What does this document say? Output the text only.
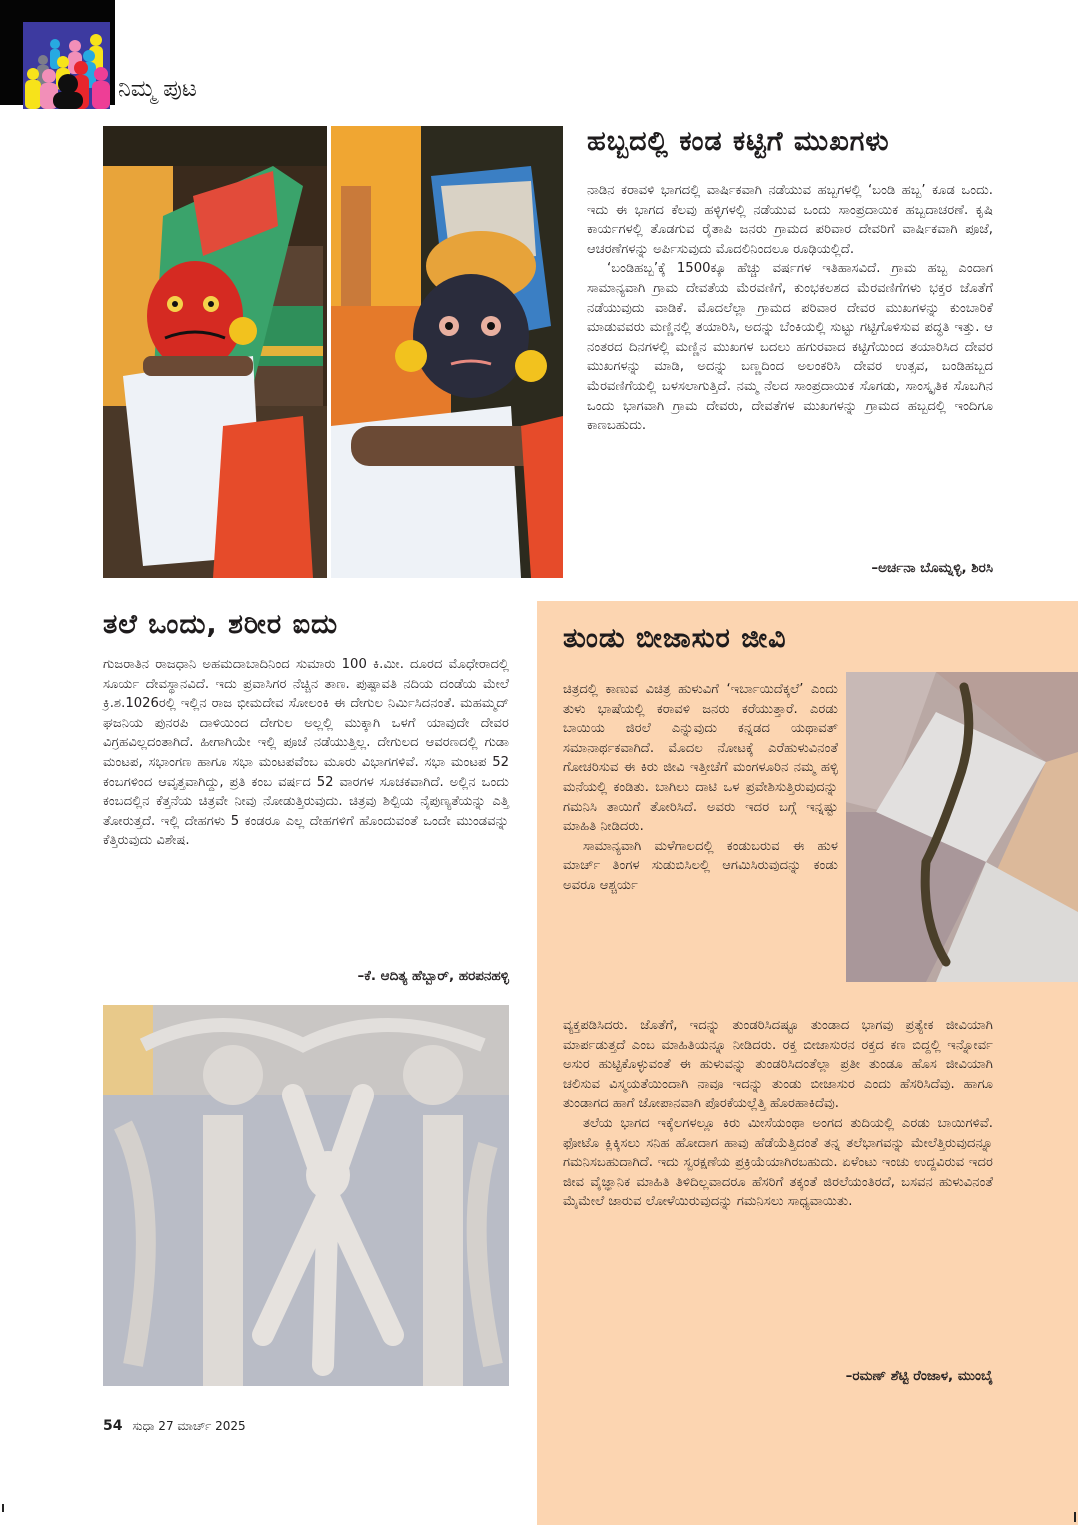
ನಿಮ್ಮ ಪುಟ
ಹಬ್ಬದಲ್ಲಿ ಕಂಡ ಕಟ್ಟಿಗೆ ಮುಖಗಳು

ನಾಡಿನ ಕರಾವಳಿ ಭಾಗದಲ್ಲಿ ವಾರ್ಷಿಕವಾಗಿ ನಡೆಯುವ ಹಬ್ಬಗಳಲ್ಲಿ ‘ಬಂಡಿ ಹಬ್ಬ’ ಕೂಡ ಒಂದು. ಇದು ಈ ಭಾಗದ ಕೆಲವು ಹಳ್ಳಿಗಳಲ್ಲಿ ನಡೆಯುವ ಒಂದು ಸಾಂಪ್ರದಾಯಿಕ ಹಬ್ಬದಾಚರಣೆ. ಕೃಷಿ ಕಾರ್ಯಗಳಲ್ಲಿ ತೊಡಗುವ ರೈತಾಪಿ ಜನರು ಗ್ರಾಮದ ಪರಿವಾರ ದೇವರಿಗೆ ವಾರ್ಷಿಕವಾಗಿ ಪೂಜೆ, ಆಚರಣೆಗಳನ್ನು ಅರ್ಪಿಸುವುದು ಮೊದಲಿನಿಂದಲೂ ರೂಢಿಯಲ್ಲಿದೆ.

‘ಬಂಡಿಹಬ್ಬ’ಕ್ಕೆ 1500ಕ್ಕೂ ಹೆಚ್ಚು ವರ್ಷಗಳ ಇತಿಹಾಸವಿದೆ. ಗ್ರಾಮ ಹಬ್ಬ ಎಂದಾಗ ಸಾಮಾನ್ಯವಾಗಿ ಗ್ರಾಮ ದೇವತೆಯ ಮೆರವಣಿಗೆ, ಕುಂಭಕಲಶದ ಮೆರವಣಿಗೆಗಳು ಭಕ್ತರ ಜೊತೆಗೆ ನಡೆಯುವುದು ವಾಡಿಕೆ. ಮೊದಲೆಲ್ಲಾ ಗ್ರಾಮದ ಪರಿವಾರ ದೇವರ ಮುಖಗಳನ್ನು ಕುಂಬಾರಿಕೆ ಮಾಡುವವರು ಮಣ್ಣಿನಲ್ಲಿ ತಯಾರಿಸಿ, ಅದನ್ನು ಬೆಂಕಿಯಲ್ಲಿ ಸುಟ್ಟು ಗಟ್ಟಿಗೊಳಿಸುವ ಪದ್ಧತಿ ಇತ್ತು. ಆ ನಂತರದ ದಿನಗಳಲ್ಲಿ ಮಣ್ಣಿನ ಮುಖಗಳ ಬದಲು ಹಗುರವಾದ ಕಟ್ಟಿಗೆಯಿಂದ ತಯಾರಿಸಿದ ದೇವರ ಮುಖಗಳನ್ನು ಮಾಡಿ, ಅದನ್ನು ಬಣ್ಣದಿಂದ ಅಲಂಕರಿಸಿ ದೇವರ ಉತ್ಸವ, ಬಂಡಿಹಬ್ಬದ ಮೆರವಣಿಗೆಯಲ್ಲಿ ಬಳಸಲಾಗುತ್ತಿದೆ. ನಮ್ಮ ನೆಲದ ಸಾಂಪ್ರದಾಯಿಕ ಸೊಗಡು, ಸಾಂಸ್ಕೃತಿಕ ಸೊಬಗಿನ ಒಂದು ಭಾಗವಾಗಿ ಗ್ರಾಮ ದೇವರು, ದೇವತೆಗಳ ಮುಖಗಳನ್ನು ಗ್ರಾಮದ ಹಬ್ಬದಲ್ಲಿ ಇಂದಿಗೂ ಕಾಣಬಹುದು.

–ಅರ್ಚನಾ ಬೊಮ್ನಳ್ಳಿ, ಶಿರಸಿ
ತಲೆ ಒಂದು, ಶರೀರ ಐದು

ಗುಜರಾತಿನ ರಾಜಧಾನಿ ಅಹಮದಾಬಾದಿನಿಂದ ಸುಮಾರು 100 ಕಿ.ಮೀ. ದೂರದ ಮೊಧೇರಾದಲ್ಲಿ ಸೂರ್ಯ ದೇವಸ್ಥಾನವಿದೆ. ಇದು ಪ್ರವಾಸಿಗರ ನೆಚ್ಚಿನ ತಾಣ. ಪುಷ್ಪಾವತಿ ನದಿಯ ದಂಡೆಯ ಮೇಲೆ ಕ್ರಿ.ಶ.1026ರಲ್ಲಿ ಇಲ್ಲಿನ ರಾಜ ಭೀಮದೇವ ಸೋಲಂಕಿ ಈ ದೇಗುಲ ನಿರ್ಮಿಸಿದನಂತೆ. ಮಹಮ್ಮದ್ ಘಜನಿಯ ಪುನರಪಿ ದಾಳಿಯಿಂದ ದೇಗುಲ ಅಲ್ಲಲ್ಲಿ ಮುಕ್ಕಾಗಿ ಒಳಗೆ ಯಾವುದೇ ದೇವರ ವಿಗ್ರಹವಿಲ್ಲದಂತಾಗಿದೆ. ಹೀಗಾಗಿಯೇ ಇಲ್ಲಿ ಪೂಜೆ ನಡೆಯುತ್ತಿಲ್ಲ. ದೇಗುಲದ ಆವರಣದಲ್ಲಿ ಗುಡಾ ಮಂಟಪ, ಸಭಾಂಗಣ ಹಾಗೂ ಸಭಾ ಮಂಟಪವೆಂಬ ಮೂರು ವಿಭಾಗಗಳಿವೆ. ಸಭಾ ಮಂಟಪ 52 ಕಂಬಗಳಿಂದ ಆವೃತ್ತವಾಗಿದ್ದು, ಪ್ರತಿ ಕಂಬ ವರ್ಷದ 52 ವಾರಗಳ ಸೂಚಕವಾಗಿದೆ. ಅಲ್ಲಿನ ಒಂದು ಕಂಬದಲ್ಲಿನ ಕೆತ್ತನೆಯ ಚಿತ್ರವೇ ನೀವು ನೋಡುತ್ತಿರುವುದು. ಚಿತ್ರವು ಶಿಲ್ಪಿಯ ನೈಪುಣ್ಯತೆಯನ್ನು ಎತ್ತಿ ತೋರುತ್ತದೆ. ಇಲ್ಲಿ ದೇಹಗಳು 5 ಕಂಡರೂ ಎಲ್ಲ ದೇಹಗಳಿಗೆ ಹೊಂದುವಂತೆ ಒಂದೇ ಮುಂಡವನ್ನು ಕೆತ್ತಿರುವುದು ವಿಶೇಷ.

–ಕೆ. ಆದಿತ್ಯ ಹೆಬ್ಬಾರ್, ಹರಪನಹಳ್ಳಿ
ತುಂಡು ಬೀಜಾಸುರ ಜೀವಿ

ಚಿತ್ರದಲ್ಲಿ ಕಾಣುವ ವಿಚಿತ್ರ ಹುಳುವಿಗೆ ‘ಇರ್ಬಾಯಿದೆಕ್ಕಲೆ’ ಎಂದು ತುಳು ಭಾಷೆಯಲ್ಲಿ ಕರಾವಳಿ ಜನರು ಕರೆಯುತ್ತಾರೆ. ಎರಡು ಬಾಯಿಯ ಜಿರಲೆ ಎನ್ನುವುದು ಕನ್ನಡದ ಯಥಾವತ್ ಸಮಾನಾರ್ಥಕವಾಗಿದೆ. ಮೊದಲ ನೋಟಕ್ಕೆ ಎರೆಹುಳುವಿನಂತೆ ಗೋಚರಿಸುವ ಈ ಕಿರು ಜೀವಿ ಇತ್ತೀಚೆಗೆ ಮಂಗಳೂರಿನ ನಮ್ಮ ಹಳ್ಳಿ ಮನೆಯಲ್ಲಿ ಕಂಡಿತು. ಬಾಗಿಲು ದಾಟಿ ಒಳ ಪ್ರವೇಶಿಸುತ್ತಿರುವುದನ್ನು ಗಮನಿಸಿ ತಾಯಿಗೆ ತೋರಿಸಿದೆ. ಅವರು ಇದರ ಬಗ್ಗೆ ಇನ್ನಷ್ಟು ಮಾಹಿತಿ ನೀಡಿದರು.

ಸಾಮಾನ್ಯವಾಗಿ ಮಳೆಗಾಲದಲ್ಲಿ ಕಂಡುಬರುವ ಈ ಹುಳ ಮಾರ್ಚ್ ತಿಂಗಳ ಸುಡುಬಿಸಿಲಲ್ಲಿ ಆಗಮಿಸಿರುವುದನ್ನು ಕಂಡು ಅವರೂ ಆಶ್ಚರ್ಯ

ವ್ಯಕ್ತಪಡಿಸಿದರು. ಜೊತೆಗೆ, ಇದನ್ನು ತುಂಡರಿಸಿದಷ್ಟೂ ತುಂಡಾದ ಭಾಗವು ಪ್ರತ್ಯೇಕ ಜೀವಿಯಾಗಿ ಮಾರ್ಪಡುತ್ತದೆ ಎಂಬ ಮಾಹಿತಿಯನ್ನೂ ನೀಡಿದರು. ರಕ್ತ ಬೀಜಾಸುರನ ರಕ್ತದ ಕಣ ಬಿದ್ದಲ್ಲಿ ಇನ್ನೋರ್ವ ಅಸುರ ಹುಟ್ಟಿಕೊಳ್ಳುವಂತೆ ಈ ಹುಳುವನ್ನು ತುಂಡರಿಸಿದಂತೆಲ್ಲಾ ಪ್ರತೀ ತುಂಡೂ ಹೊಸ ಜೀವಿಯಾಗಿ ಚಲಿಸುವ ವಿಸ್ಮಯತೆಯಿಂದಾಗಿ ನಾವೂ ಇದನ್ನು ತುಂಡು ಬೀಜಾಸುರ ಎಂದು ಹೆಸರಿಸಿದೆವು. ಹಾಗೂ ತುಂಡಾಗದ ಹಾಗೆ ಜೋಪಾನವಾಗಿ ಪೊರಕೆಯಲ್ಲೆತ್ತಿ ಹೊರಹಾಕಿದೆವು.

ತಲೆಯ ಭಾಗದ ಇಕ್ಕೆಲಗಳಲ್ಲೂ ಕಿರು ಮೀಸೆಯಂಥಾ ಅಂಗದ ತುದಿಯಲ್ಲಿ ಎರಡು ಬಾಯಿಗಳಿವೆ. ಫೋಟೊ ಕ್ಲಿಕ್ಕಿಸಲು ಸನಿಹ ಹೋದಾಗ ಹಾವು ಹೆಡೆಯೆತ್ತಿದಂತೆ ತನ್ನ ತಲೆಭಾಗವನ್ನು ಮೇಲೆತ್ತಿರುವುದನ್ನೂ ಗಮನಿಸಬಹುದಾಗಿದೆ. ಇದು ಸ್ವರಕ್ಷಣೆಯ ಪ್ರಕ್ರಿಯೆಯಾಗಿರಬಹುದು. ಏಳೆಂಟು ಇಂಚು ಉದ್ದವಿರುವ ಇದರ ಜೀವ ವೈಜ್ಞಾನಿಕ ಮಾಹಿತಿ ತಿಳಿದಿಲ್ಲವಾದರೂ ಹೆಸರಿಗೆ ತಕ್ಕಂತೆ ಜಿರಲೆಯಂತಿರದೆ, ಬಸವನ ಹುಳುವಿನಂತೆ ಮೈಮೇಲೆ ಜಾರುವ ಲೋಳೆಯಿರುವುದನ್ನು ಗಮನಿಸಲು ಸಾಧ್ಯವಾಯಿತು.

–ರಮಣ್ ಶೆಟ್ಟಿ ರೆಂಜಾಳ, ಮುಂಬೈ
54 ಸುಧಾ 27 ಮಾರ್ಚ್ 2025
